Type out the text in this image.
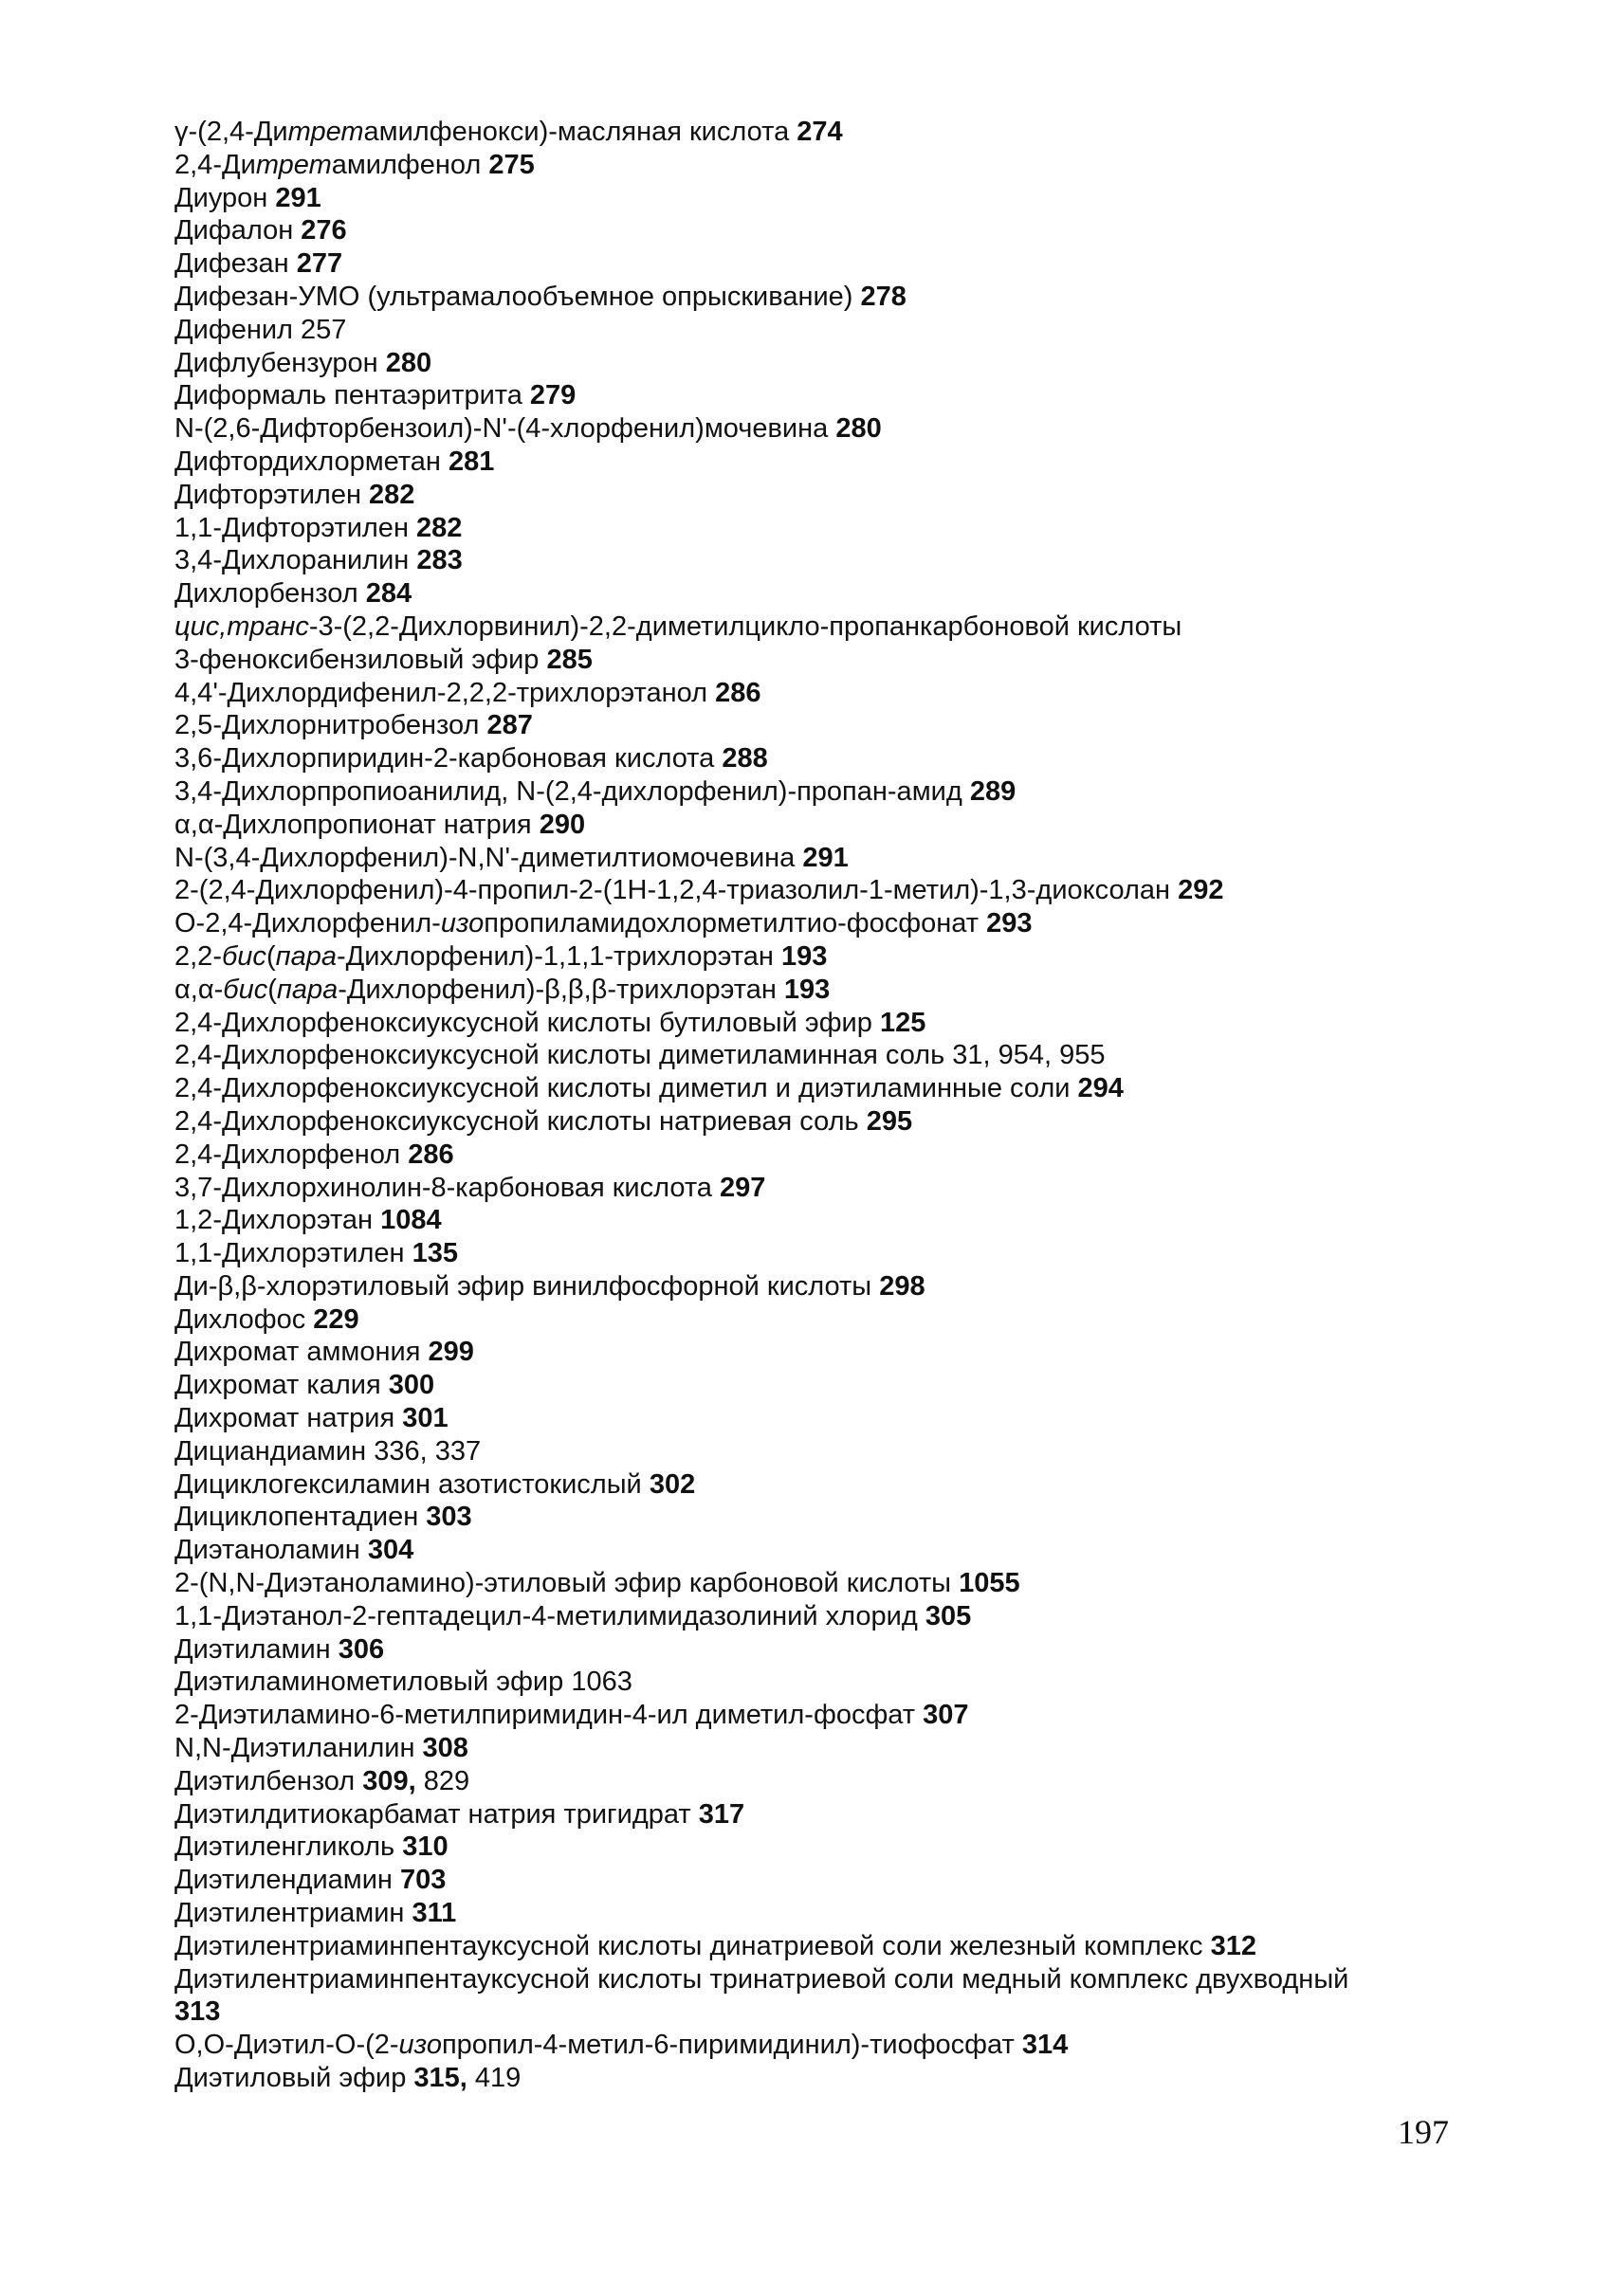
γ-(2,4-Дитретамилфенокси)-масляная кислота 274
2,4-Дитретамилфенол 275
Диурон 291
Дифалон 276
Дифезан 277
Дифезан-УМО (ультрамалообъемное опрыскивание) 278
Дифенил 257
Дифлубензурон 280
Диформаль пентаэритрита 279
N-(2,6-Дифторбензоил)-N'-(4-хлорфенил)мочевина 280
Дифтордихлорметан 281
Дифторэтилен 282
1,1-Дифторэтилен 282
3,4-Дихлоранилин 283
Дихлорбензол 284
цис,транс-3-(2,2-Дихлорвинил)-2,2-диметилцикло-пропанкарбоновой кислоты
3-феноксибензиловый эфир 285
4,4'-Дихлордифенил-2,2,2-трихлорэтанол 286
2,5-Дихлорнитробензол 287
3,6-Дихлорпиридин-2-карбоновая кислота 288
3,4-Дихлорпропиоанилид, N-(2,4-дихлорфенил)-пропан-амид 289
α,α-Дихлопропионат натрия 290
N-(3,4-Дихлорфенил)-N,N'-диметилтиомочевина 291
2-(2,4-Дихлорфенил)-4-пропил-2-(1Н-1,2,4-триазолил-1-метил)-1,3-диоксолан 292
О-2,4-Дихлорфенил-изопропиламидохлорметилтио-фосфонат 293
2,2-бис(пара-Дихлорфенил)-1,1,1-трихлорэтан 193
α,α-бис(пара-Дихлорфенил)-β,β,β-трихлорэтан 193
2,4-Дихлорфеноксиуксусной кислоты бутиловый эфир 125
2,4-Дихлорфеноксиуксусной кислоты диметиламинная соль 31, 954, 955
2,4-Дихлорфеноксиуксусной кислоты диметил и диэтиламинные соли 294
2,4-Дихлорфеноксиуксусной кислоты натриевая соль 295
2,4-Дихлорфенол 286
3,7-Дихлорхинолин-8-карбоновая кислота 297
1,2-Дихлорэтан 1084
1,1-Дихлорэтилен 135
Ди-β,β-хлорэтиловый эфир винилфосфорной кислоты 298
Дихлофос 229
Дихромат аммония 299
Дихромат калия 300
Дихромат натрия 301
Дициандиамин 336, 337
Дициклогексиламин азотистокислый 302
Дициклопентадиен 303
Диэтаноламин 304
2-(N,N-Диэтаноламино)-этиловый эфир карбоновой кислоты 1055
1,1-Диэтанол-2-гептадецил-4-метилимидазолиний хлорид 305
Диэтиламин 306
Диэтиламинометиловый эфир 1063
2-Диэтиламино-6-метилпиримидин-4-ил диметил-фосфат 307
N,N-Диэтиланилин 308
Диэтилбензол 309, 829
Диэтилдитиокарбамат натрия тригидрат 317
Диэтиленгликоль 310
Диэтилендиамин 703
Диэтилентриамин 311
Диэтилентриаминпентауксусной кислоты динатриевой соли железный комплекс 312
Диэтилентриаминпентауксусной кислоты тринатриевой соли медный комплекс двухводный 313
О,О-Диэтил-О-(2-изопропил-4-метил-6-пиримидинил)-тиофосфат 314
Диэтиловый эфир 315, 419
197
